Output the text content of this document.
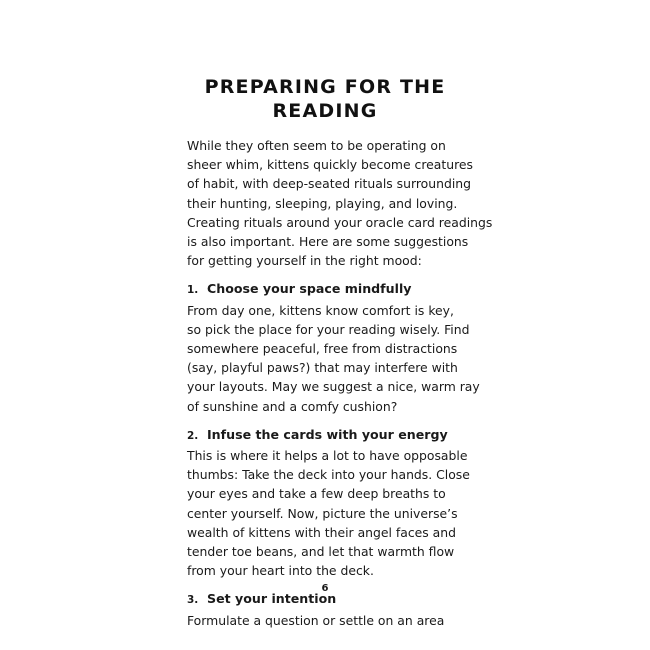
PREPARING FOR THE
READING

While they often seem to be operating on
sheer whim, kittens quickly become creatures
of habit, with deep-seated rituals surrounding
their hunting, sleeping, playing, and loving.
Creating rituals around your oracle card readings
is also important. Here are some suggestions
for getting yourself in the right mood:

1. Choose your space mindfully

From day one, kittens know comfort is key,
so pick the place for your reading wisely. Find
somewhere peaceful, free from distractions
(say, playful paws?) that may interfere with
your layouts. May we suggest a nice, warm ray
of sunshine and a comfy cushion?

2. Infuse the cards with your energy

This is where it helps a lot to have opposable
thumbs: Take the deck into your hands. Close
your eyes and take a few deep breaths to
center yourself. Now, picture the universe’s
wealth of kittens with their angel faces and
tender toe beans, and let that warmth flow
from your heart into the deck.

3. Set your intention

Formulate a question or settle on an area

6
